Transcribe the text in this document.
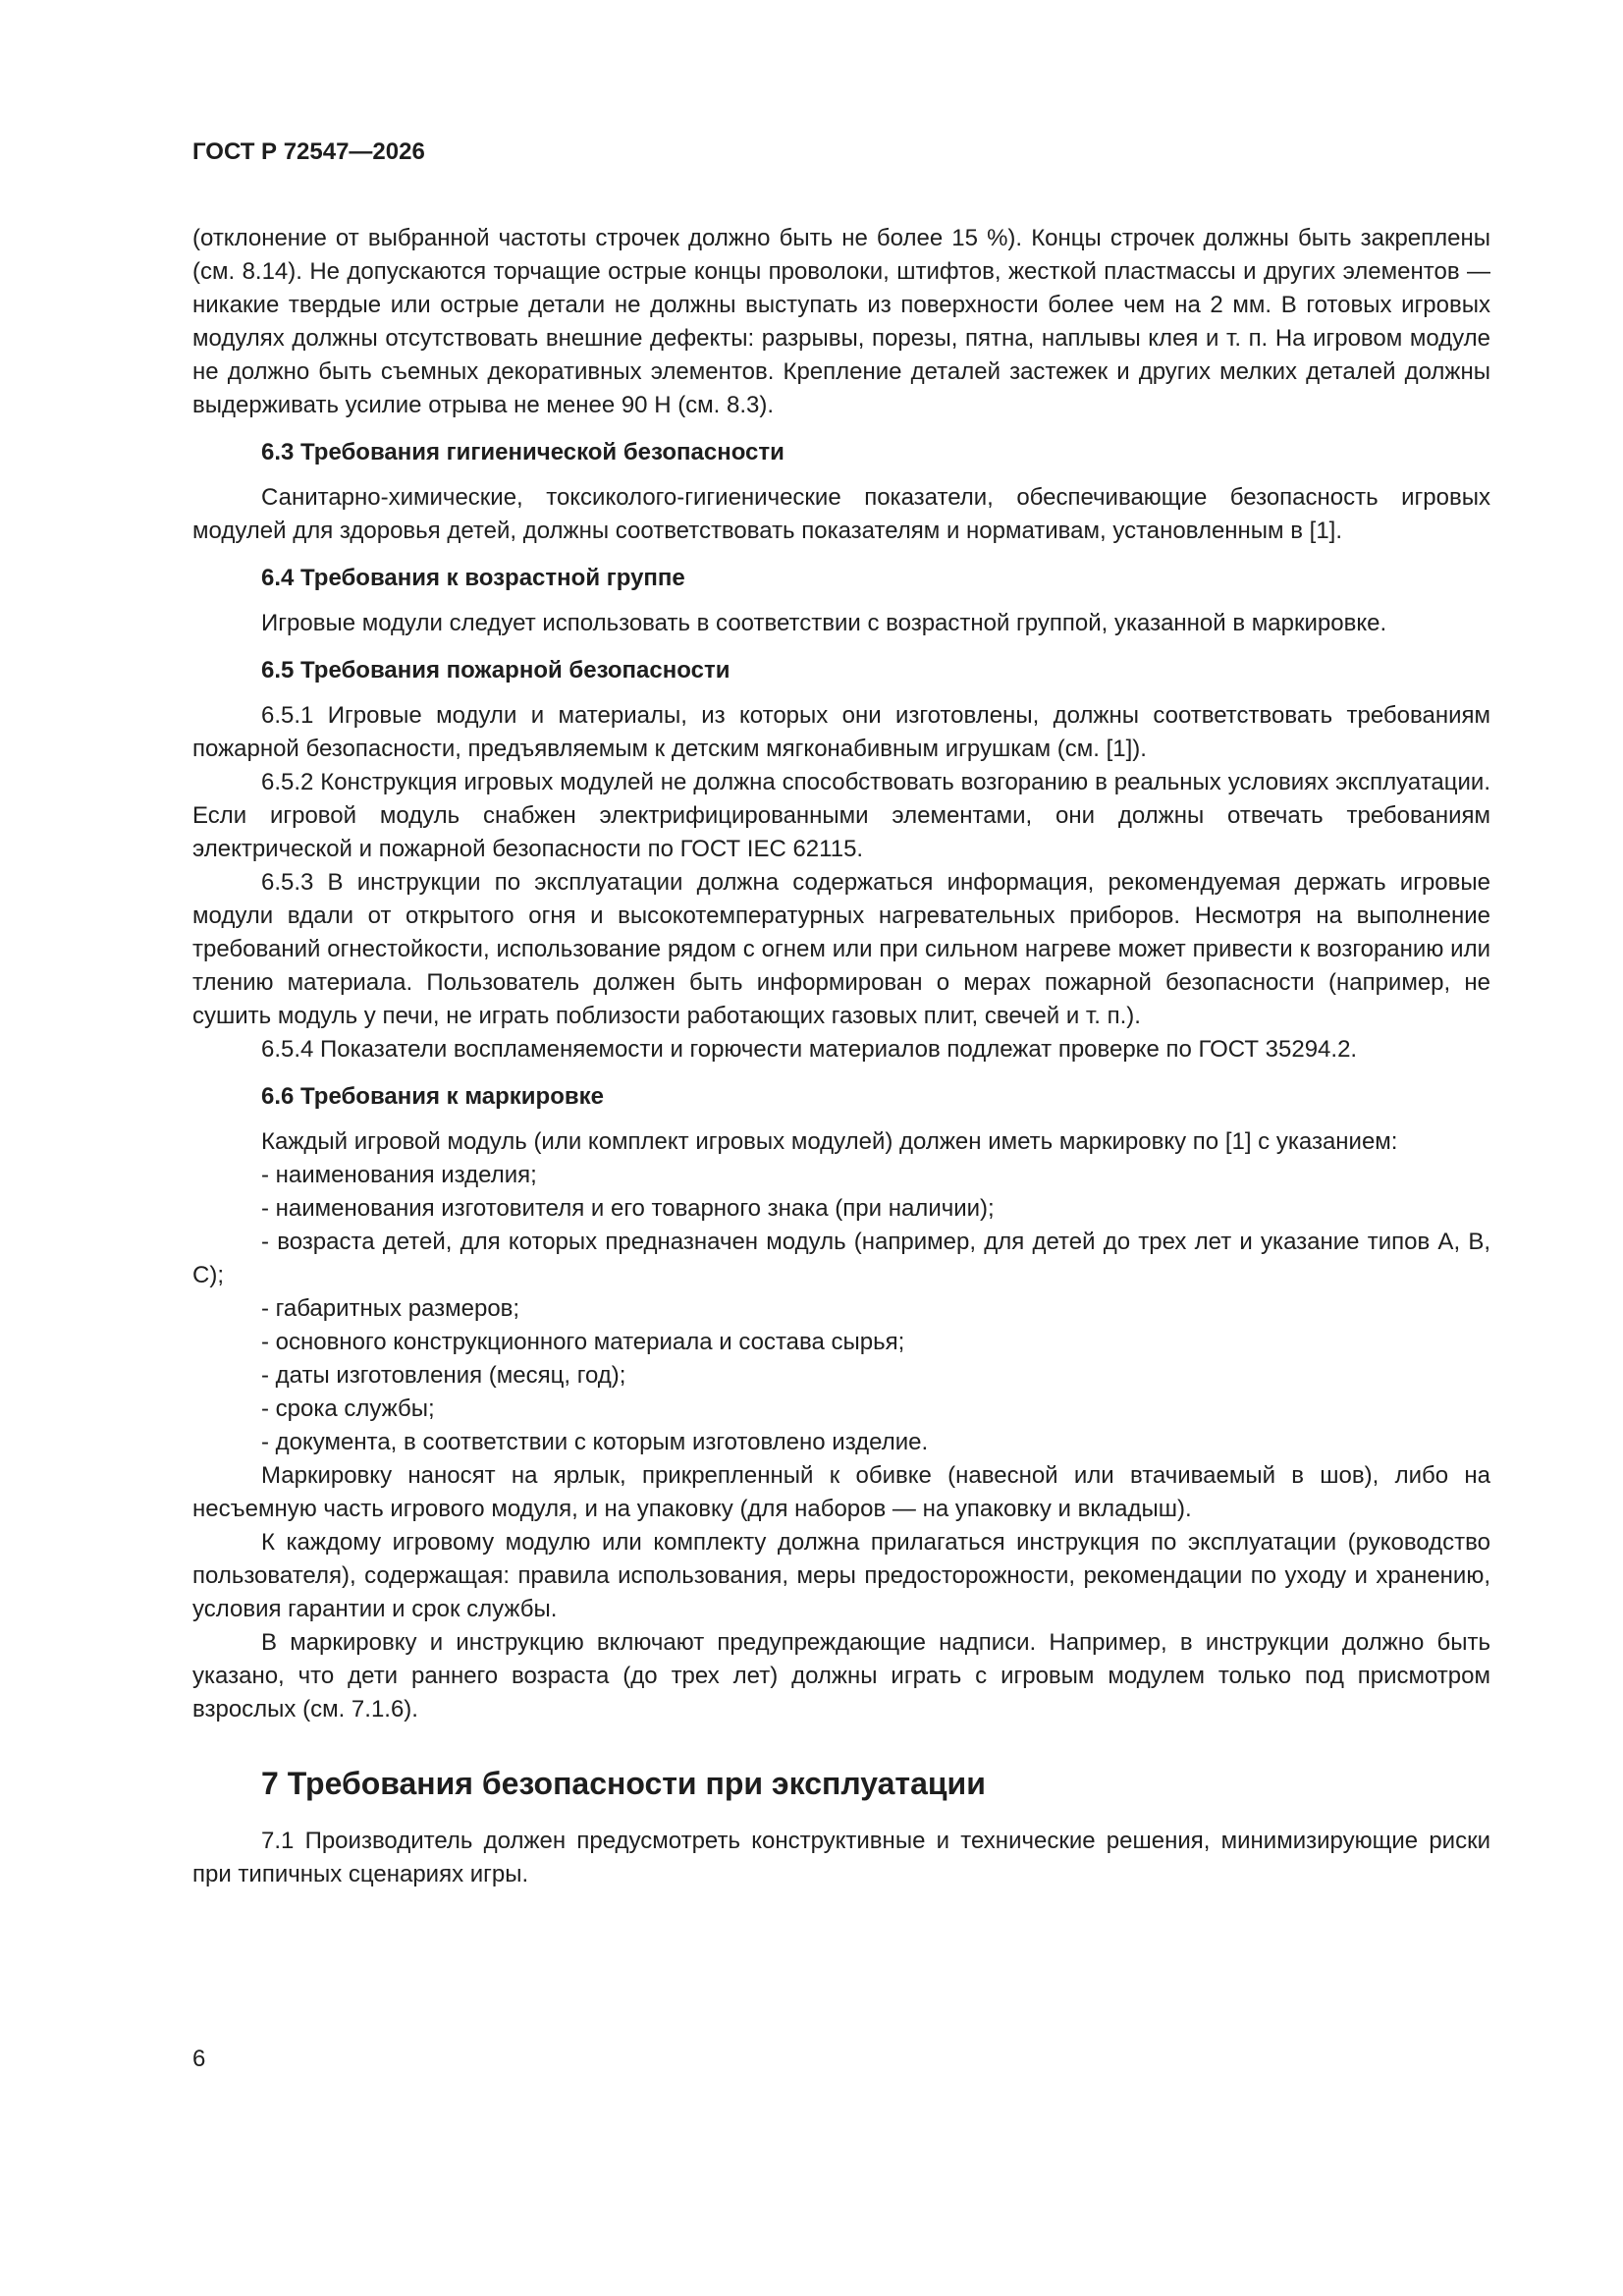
ГОСТ Р 72547—2026

(отклонение от выбранной частоты строчек должно быть не более 15 %). Концы строчек должны быть закреплены (см. 8.14). Не допускаются торчащие острые концы проволоки, штифтов, жесткой пластмассы и других элементов — никакие твердые или острые детали не должны выступать из поверхности более чем на 2 мм. В готовых игровых модулях должны отсутствовать внешние дефекты: разрывы, порезы, пятна, наплывы клея и т. п. На игровом модуле не должно быть съемных декоративных элементов. Крепление деталей застежек и других мелких деталей должны выдерживать усилие отрыва не менее 90 Н (см. 8.3).

6.3 Требования гигиенической безопасности

Санитарно-химические, токсиколого-гигиенические показатели, обеспечивающие безопасность игровых модулей для здоровья детей, должны соответствовать показателям и нормативам, установленным в [1].

6.4 Требования к возрастной группе

Игровые модули следует использовать в соответствии с возрастной группой, указанной в маркировке.

6.5 Требования пожарной безопасности

6.5.1 Игровые модули и материалы, из которых они изготовлены, должны соответствовать требованиям пожарной безопасности, предъявляемым к детским мягконабивным игрушкам (см. [1]).

6.5.2 Конструкция игровых модулей не должна способствовать возгоранию в реальных условиях эксплуатации. Если игровой модуль снабжен электрифицированными элементами, они должны отвечать требованиям электрической и пожарной безопасности по ГОСТ IEC 62115.

6.5.3 В инструкции по эксплуатации должна содержаться информация, рекомендуемая держать игровые модули вдали от открытого огня и высокотемпературных нагревательных приборов. Несмотря на выполнение требований огнестойкости, использование рядом с огнем или при сильном нагреве может привести к возгоранию или тлению материала. Пользователь должен быть информирован о мерах пожарной безопасности (например, не сушить модуль у печи, не играть поблизости работающих газовых плит, свечей и т. п.).

6.5.4 Показатели воспламеняемости и горючести материалов подлежат проверке по ГОСТ 35294.2.

6.6 Требования к маркировке

Каждый игровой модуль (или комплект игровых модулей) должен иметь маркировку по [1] с указанием:

- наименования изделия;

- наименования изготовителя и его товарного знака (при наличии);

- возраста детей, для которых предназначен модуль (например, для детей до трех лет и указание типов A, B, C);

- габаритных размеров;

- основного конструкционного материала и состава сырья;

- даты изготовления (месяц, год);

- срока службы;

- документа, в соответствии с которым изготовлено изделие.

Маркировку наносят на ярлык, прикрепленный к обивке (навесной или втачиваемый в шов), либо на несъемную часть игрового модуля, и на упаковку (для наборов — на упаковку и вкладыш).

К каждому игровому модулю или комплекту должна прилагаться инструкция по эксплуатации (руководство пользователя), содержащая: правила использования, меры предосторожности, рекомендации по уходу и хранению, условия гарантии и срок службы.

В маркировку и инструкцию включают предупреждающие надписи. Например, в инструкции должно быть указано, что дети раннего возраста (до трех лет) должны играть с игровым модулем только под присмотром взрослых (см. 7.1.6).

7 Требования безопасности при эксплуатации

7.1 Производитель должен предусмотреть конструктивные и технические решения, минимизирующие риски при типичных сценариях игры.

6
